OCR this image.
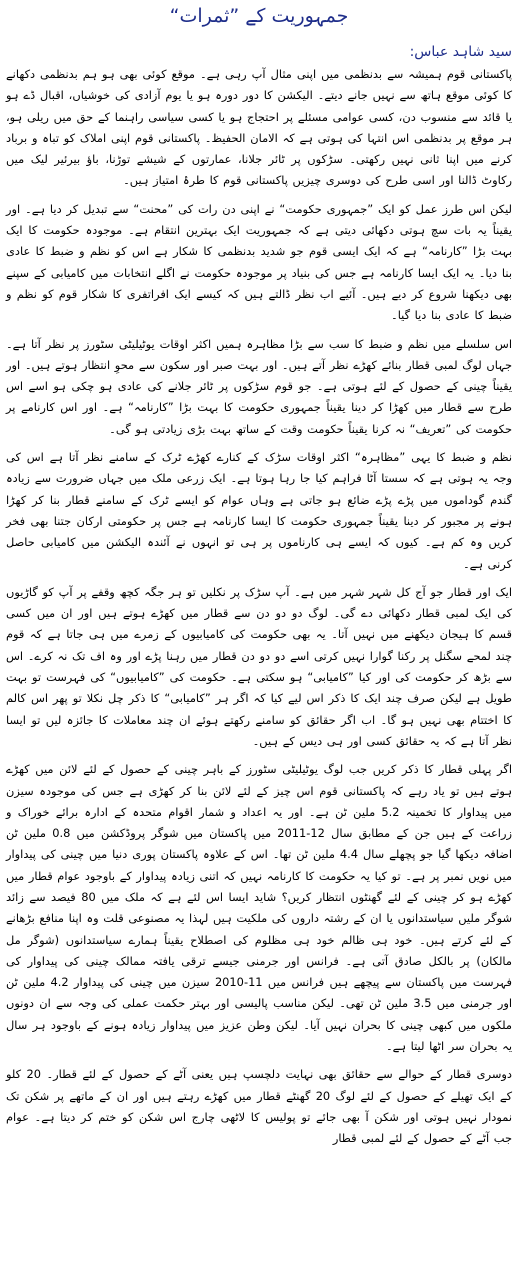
جمہوریت کے ”ثمرات“
سید شاہد عباس:

پاکستانی قوم ہمیشہ سے بدنظمی میں اپنی مثال آپ رہی ہے۔ موقع کوئی بھی ہو ہم بدنظمی دکھانے کا کوئی موقع ہاتھ سے نہیں جانے دیتے۔ الیکشن کا دور دورہ ہو یا یوم آزادی کی خوشیاں، اقبال ڈے ہو یا قائد سے منسوب دن، کسی عوامی مسئلے پر احتجاج ہو یا کسی سیاسی راہنما کے حق میں ریلی ہو، ہر موقع پر بدنظمی اس انتہا کی ہوتی ہے کہ الامان الحفیظ۔ پاکستانی قوم اپنی املاک کو تباہ و برباد کرنے میں اپنا ثانی نہیں رکھتی۔ سڑکوں پر ٹائر جلانا، عمارتوں کے شیشے توڑنا، باؤ بیرئیر لیک میں رکاوٹ ڈالنا اور اسی طرح کی دوسری چیزیں پاکستانی قوم کا طرۂ امتیاز ہیں۔

لیکن اس طرز عمل کو ایک ”جمہوری حکومت“ نے اپنی دن رات کی ”محنت“ سے تبدیل کر دیا ہے۔ اور یقیناً یہ بات سچ ہوتی دکھائی دیتی ہے کہ جمہوریت ایک بہترین انتقام ہے۔ موجودہ حکومت کا ایک بہت بڑا ”کارنامہ“ ہے کہ ایک ایسی قوم جو شدید بدنظمی کا شکار ہے اس کو نظم و ضبط کا عادی بنا دیا۔ یہ ایک ایسا کارنامہ ہے جس کی بنیاد پر موجودہ حکومت نے اگلے انتخابات میں کامیابی کے سپنے بھی دیکھنا شروع کر دیے ہیں۔ آئیے اب نظر ڈالتے ہیں کہ کیسے ایک افراتفری کا شکار قوم کو نظم و ضبط کا عادی بنا دیا گیا۔

اس سلسلے میں نظم و ضبط کا سب سے بڑا مظاہرہ ہمیں اکثر اوقات یوٹیلیٹی سٹورز پر نظر آتا ہے۔ جہاں لوگ لمبی قطار بنائے کھڑے نظر آتے ہیں۔ اور بہت صبر اور سکون سے محوِ انتظار ہوتے ہیں۔ اور یقیناً چینی کے حصول کے لئے ہوتی ہے۔ جو قوم سڑکوں پر ٹائر جلانے کی عادی ہو چکی ہو اسے اس طرح سے قطار میں کھڑا کر دینا یقیناً جمہوری حکومت کا بہت بڑا ”کارنامہ“ ہے۔ اور اس کارنامے پر حکومت کی ”تعریف“ نہ کرنا یقیناً حکومت وقت کے ساتھ بہت بڑی زیادتی ہو گی۔

نظم و ضبط کا یہی ”مظاہرہ“ اکثر اوقات سڑک کے کنارے کھڑے ٹرک کے سامنے نظر آتا ہے اس کی وجہ یہ ہوتی ہے کہ سستا آٹا فراہم کیا جا رہا ہوتا ہے۔ ایک زرعی ملک میں جہاں ضرورت سے زیادہ گندم گوداموں میں پڑے پڑے ضائع ہو جاتی ہے وہاں عوام کو ایسے ٹرک کے سامنے قطار بنا کر کھڑا ہونے پر مجبور کر دینا یقیناً جمہوری حکومت کا ایسا کارنامہ ہے جس پر حکومتی ارکان جتنا بھی فخر کریں وہ کم ہے۔ کیوں کہ ایسے ہی کارناموں پر ہی تو انہوں نے آئندہ الیکشن میں کامیابی حاصل کرنی ہے۔

ایک اور قطار جو آج کل شہر شہر میں ہے۔ آپ سڑک پر نکلیں تو ہر جگہ کچھ وقفے پر آپ کو گاڑیوں کی ایک لمبی قطار دکھائی دے گی۔ لوگ دو دو دن سے قطار میں کھڑے ہوتے ہیں اور ان میں کسی قسم کا ہیجان دیکھنے میں نہیں آتا۔ یہ بھی حکومت کی کامیابیوں کے زمرے میں ہی جاتا ہے کہ قوم چند لمحے سگنل پر رکنا گوارا نہیں کرتی اسے دو دو دن قطار میں رہنا پڑے اور وہ اف تک نہ کرے۔ اس سے بڑھ کر حکومت کی اور کیا ”کامیابی“ ہو سکتی ہے۔ حکومت کی ”کامیابیوں“ کی فہرست تو بہت طویل ہے لیکن صرف چند ایک کا ذکر اس لیے کیا کہ اگر ہر ”کامیابی“ کا ذکر چل نکلا تو پھر اس کالم کا اختتام بھی نہیں ہو گا۔ اب اگر حقائق کو سامنے رکھتے ہوئے ان چند معاملات کا جائزہ لیں تو ایسا نظر آتا ہے کہ یہ حقائق کسی اور ہی دیس کے ہیں۔

اگر پہلی قطار کا ذکر کریں جب لوگ یوٹیلیٹی سٹورز کے باہر چینی کے حصول کے لئے لائن میں کھڑے ہوتے ہیں تو یاد رہے کہ پاکستانی قوم اس چیز کے لئے لائن بنا کر کھڑی ہے جس کی موجودہ سیزن میں پیداوار کا تخمینہ 5.2 ملین ٹن ہے۔ اور یہ اعداد و شمار اقوام متحدہ کے ادارہ برائے خوراک و زراعت کے ہیں جن کے مطابق سال 12-2011 میں پاکستان میں شوگر پروڈکشن میں 0.8 ملین ٹن اضافہ دیکھا گیا جو پچھلے سال 4.4 ملین ٹن تھا۔ اس کے علاوہ پاکستان پوری دنیا میں چینی کی پیداوار میں نویں نمبر پر ہے۔ تو کیا یہ حکومت کا کارنامہ نہیں کہ اتنی زیادہ پیداوار کے باوجود عوام قطار میں کھڑے ہو کر چینی کے لئے گھنٹوں انتظار کریں؟ شاید ایسا اس لئے ہے کہ ملک میں 80 فیصد سے زائد شوگر ملیں سیاستدانوں یا ان کے رشتہ داروں کی ملکیت ہیں لہذا یہ مصنوعی قلت وہ اپنا منافع بڑھانے کے لئے کرتے ہیں۔ خود ہی ظالم خود ہی مظلوم کی اصطلاح یقیناً ہمارے سیاستدانوں (شوگر مل مالکان) پر بالکل صادق آتی ہے۔ فرانس اور جرمنی جیسے ترقی یافتہ ممالک چینی کی پیداوار کی فہرست میں پاکستان سے پیچھے ہیں فرانس میں 11-2010 سیزن میں چینی کی پیداوار 4.2 ملین ٹن اور جرمنی میں 3.5 ملین ٹن تھی۔ لیکن مناسب پالیسی اور بہتر حکمت عملی کی وجہ سے ان دونوں ملکوں میں کبھی چینی کا بحران نہیں آیا۔ لیکن وطن عزیز میں پیداوار زیادہ ہونے کے باوجود ہر سال یہ بحران سر اٹھا لیتا ہے۔

دوسری قطار کے حوالے سے حقائق بھی نہایت دلچسپ ہیں یعنی آٹے کے حصول کے لئے قطار۔ 20 کلو کے ایک تھیلے کے حصول کے لئے لوگ 20 گھنٹے قطار میں کھڑے رہتے ہیں اور ان کے ماتھے پر شکن تک نمودار نہیں ہوتی اور شکن آ بھی جائے تو پولیس کا لاٹھی چارج اس شکن کو ختم کر دیتا ہے۔ عوام جب آٹے کے حصول کے لئے لمبی قطار
